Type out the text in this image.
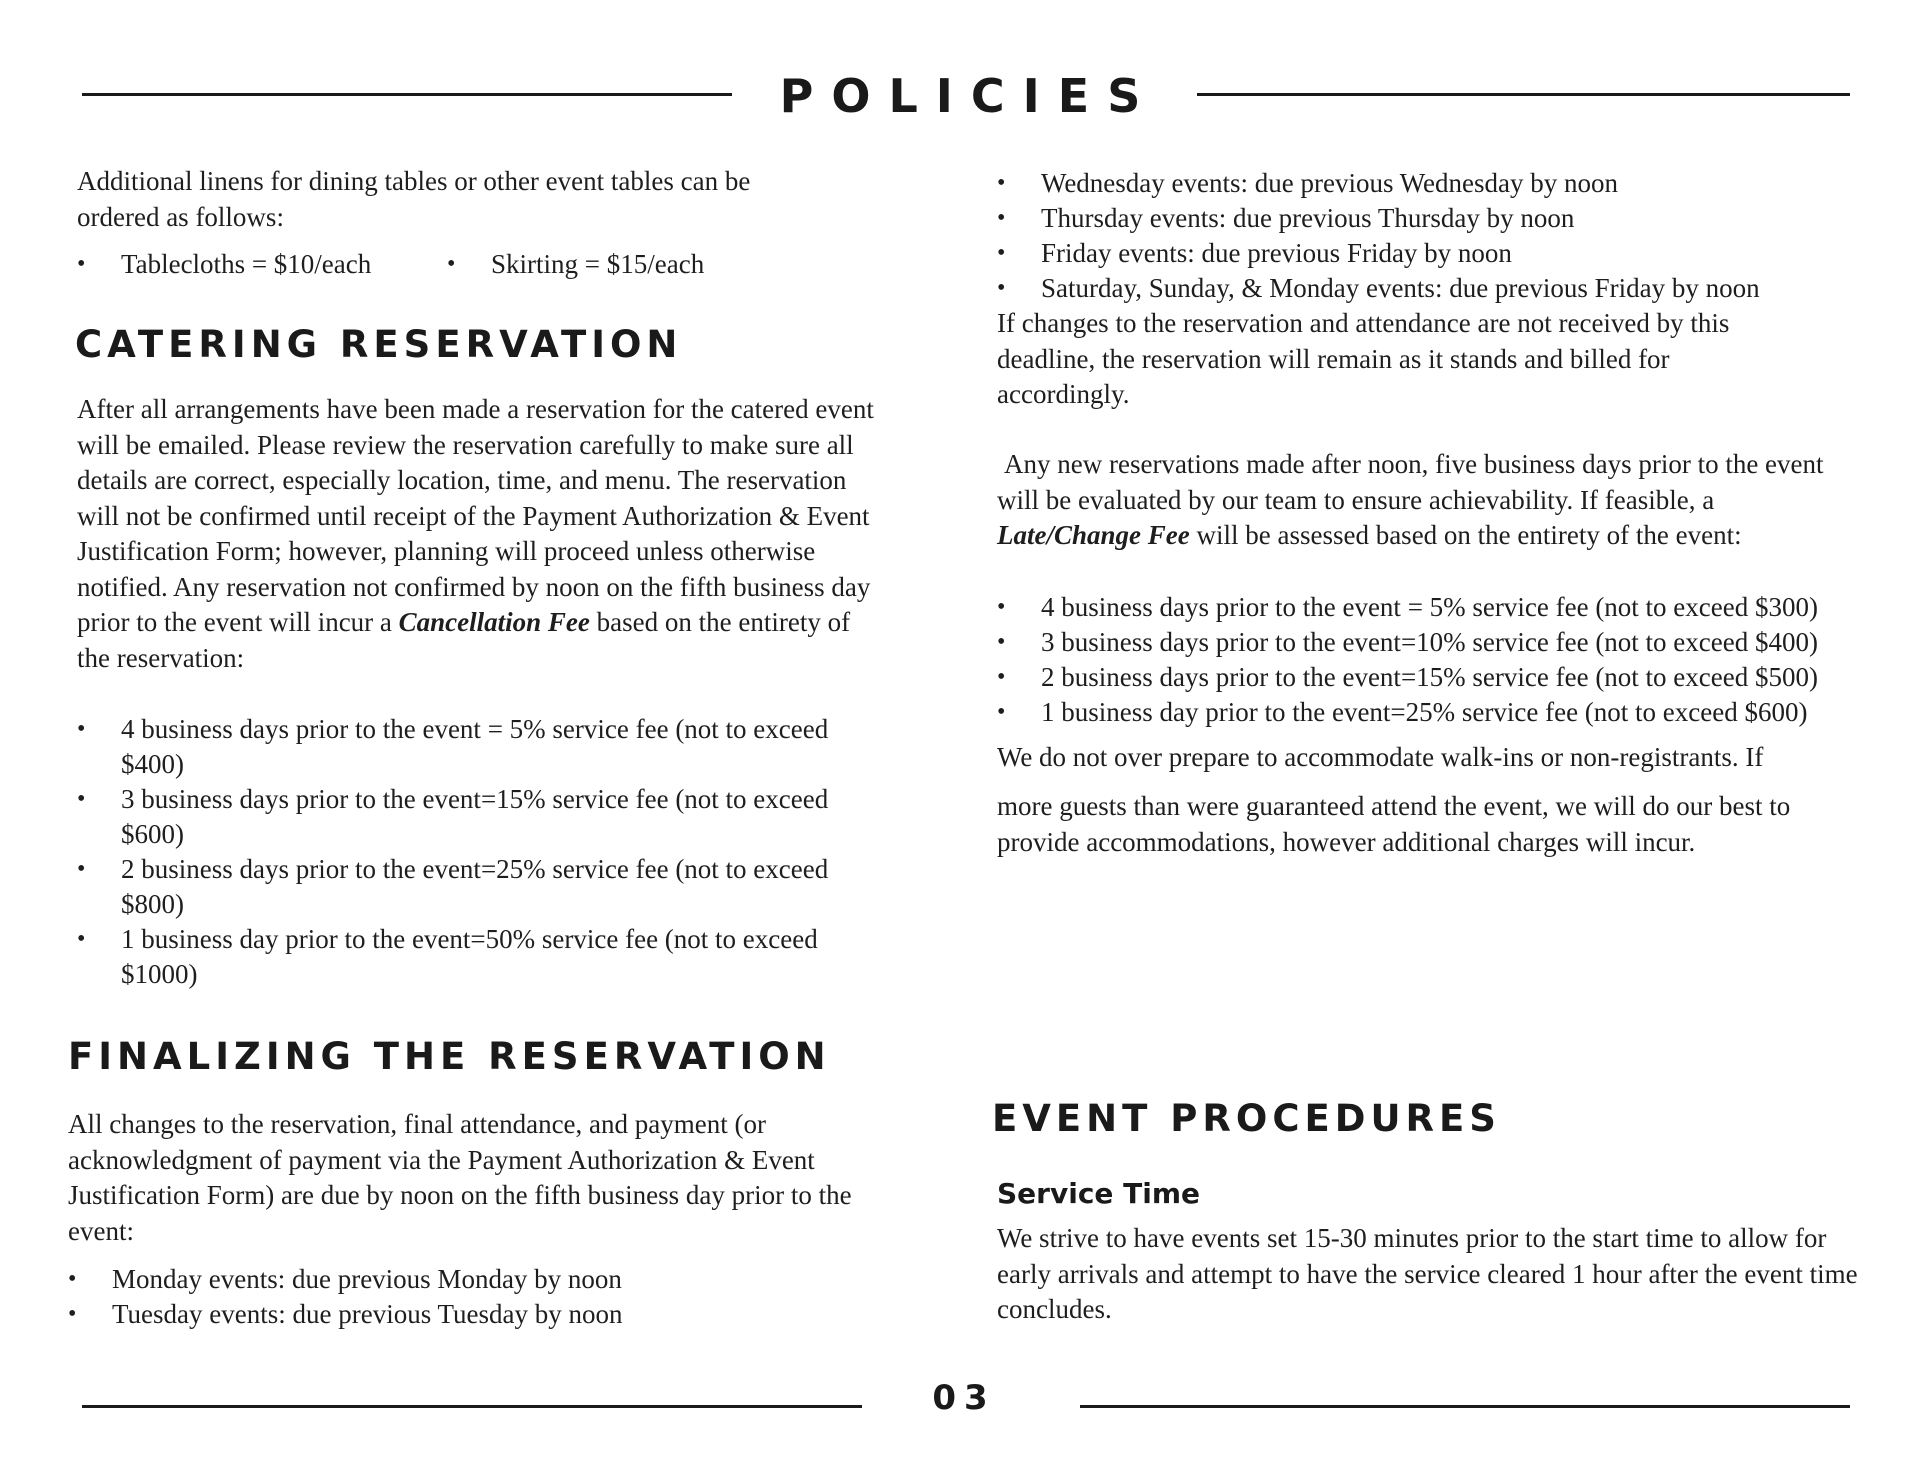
POLICIES

Additional linens for dining tables or other event tables can be ordered as follows:

• Tablecloths = $10/each
•	Skirting = $15/each
CATERING RESERVATION

After all arrangements have been made a reservation for the catered event will be emailed. Please review the reservation carefully to make sure all details are correct, especially location, time, and menu. The reservation will not be confirmed until receipt of the Payment Authorization & Event Justification Form; however, planning will proceed unless otherwise notified. Any reservation not confirmed by noon on the fifth business day prior to the event will incur a Cancellation Fee based on the entirety of the reservation:

• 4 business days prior to the event = 5% service fee (not to exceed $400)
• 3 business days prior to the event=15% service fee (not to exceed $600)
• 2 business days prior to the event=25% service fee (not to exceed $800)
• 1 business day prior to the event=50% service fee (not to exceed $1000)
FINALIZING THE RESERVATION

All changes to the reservation, final attendance, and payment (or acknowledgment of payment via the Payment Authorization & Event Justification Form) are due by noon on the fifth business day prior to the event:

• Monday events: due previous Monday by noon
• Tuesday events: due previous Tuesday by noon
• Wednesday events: due previous Wednesday by noon
• Thursday events: due previous Thursday by noon
• Friday events: due previous Friday by noon
• Saturday, Sunday, & Monday events: due previous Friday by noon

If changes to the reservation and attendance are not received by this deadline, the reservation will remain as it stands and billed for accordingly.

Any new reservations made after noon, five business days prior to the event will be evaluated by our team to ensure achievability. If feasible, a Late/Change Fee will be assessed based on the entirety of the event:

• 4 business days prior to the event = 5% service fee (not to exceed $300)
• 3 business days prior to the event=10% service fee (not to exceed $400)
• 2 business days prior to the event=15% service fee (not to exceed $500)
• 1 business day prior to the event=25% service fee (not to exceed $600)

We do not over prepare to accommodate walk-ins or non-registrants. If

more guests than were guaranteed attend the event, we will do our best to provide accommodations, however additional charges will incur.

EVENT PROCEDURES
Service Time

We strive to have events set 15-30 minutes prior to the start time to allow for early arrivals and attempt to have the service cleared 1 hour after the event time concludes.

03
